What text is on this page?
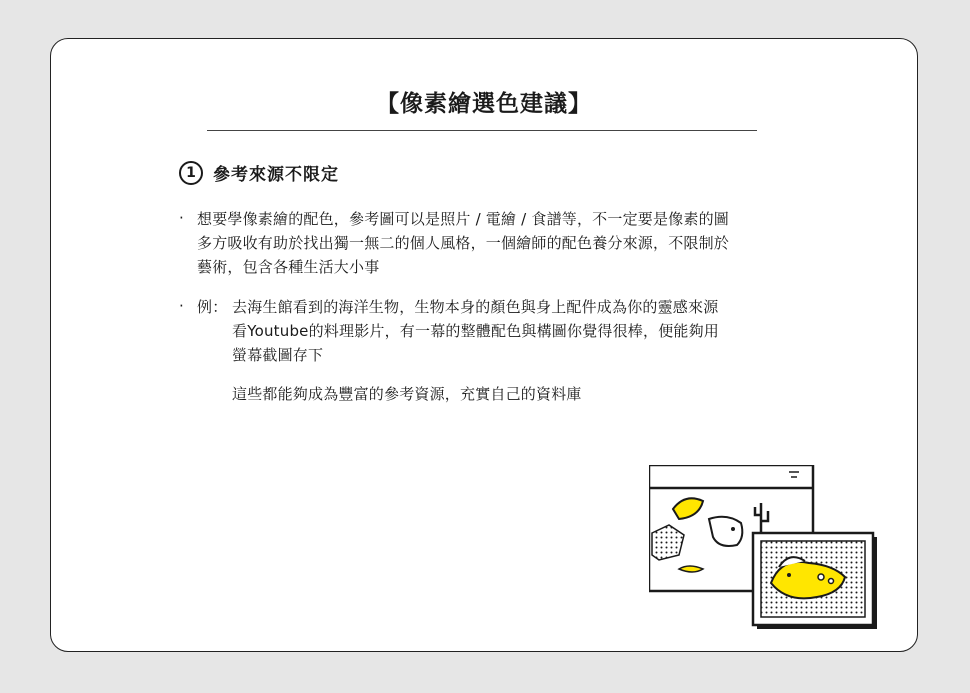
【像素繪選色建議】
1	參考來源不限定
· 想要學像素繪的配色，參考圖可以是照片 / 電繪 / 食譜等，不一定要是像素的圖
多方吸收有助於找出獨一無二的個人風格，一個繪師的配色養分來源，不限制於
藝術，包含各種生活大小事
· 例： 去海生館看到的海洋生物，生物本身的顏色與身上配件成為你的靈感來源
看Youtube的料理影片，有一幕的整體配色與構圖你覺得很棒，便能夠用
螢幕截圖存下
這些都能夠成為豐富的參考資源，充實自己的資料庫
